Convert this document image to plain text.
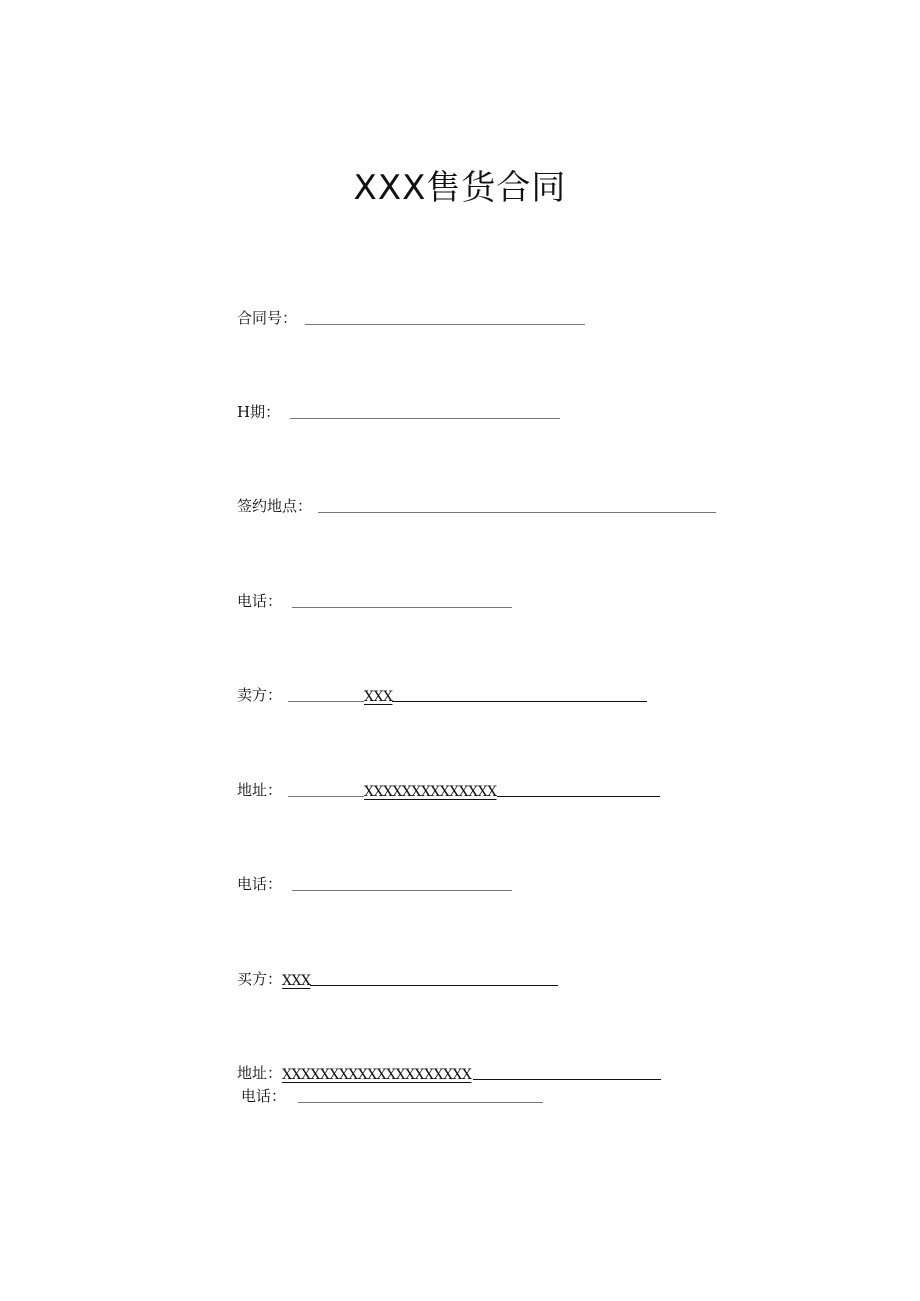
XXX售货合同
合同号：
H期：
签约地点：
电话：
卖方：	XXX
地址：	XXXXXXXXXXXXXX
电话：
买方： XXX
地址： XXXXXXXXXXXXXXXXXXXX
电话：
